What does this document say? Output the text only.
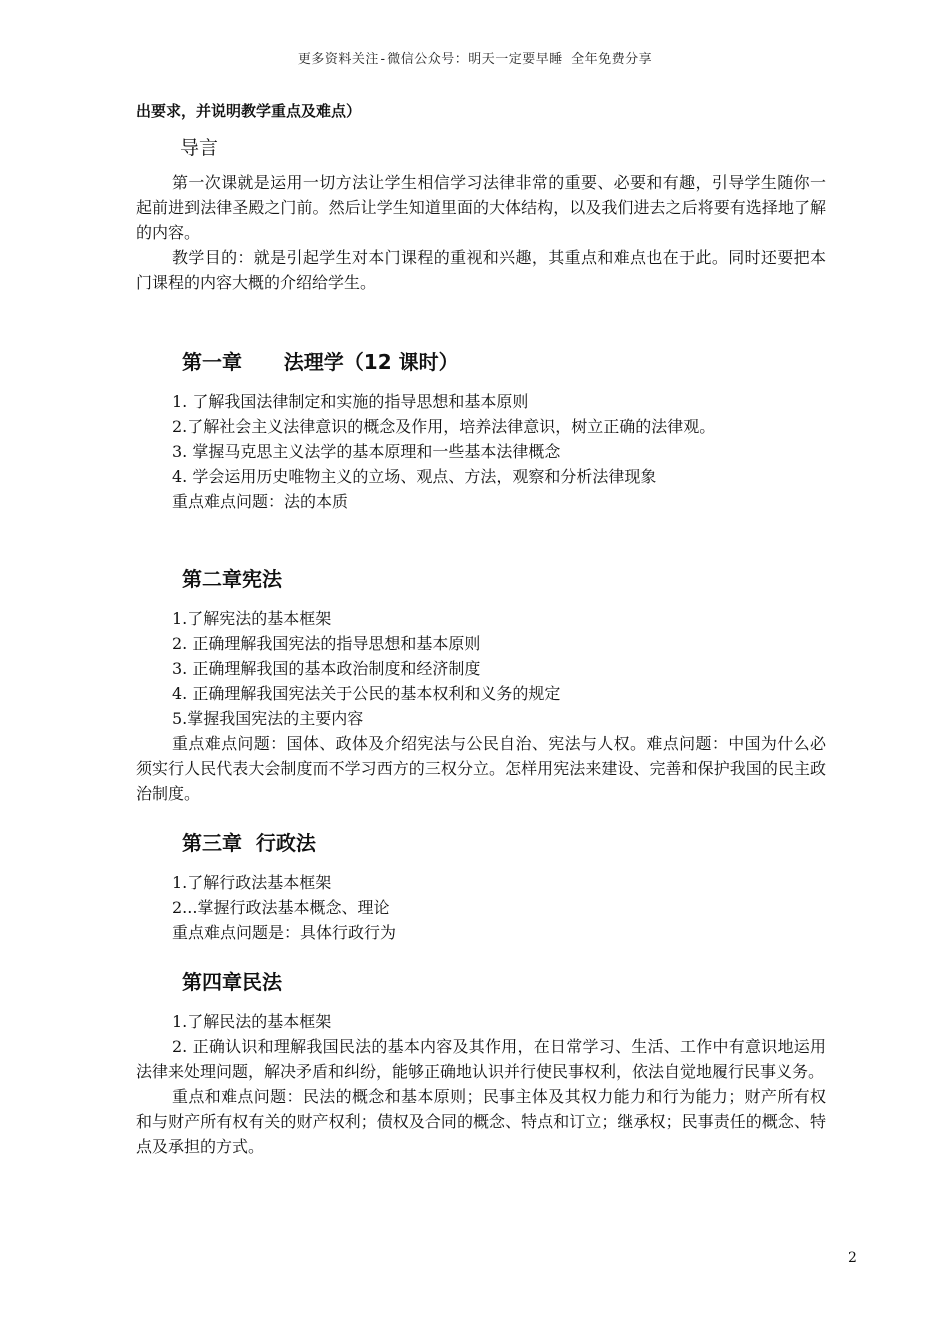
更多资料关注-微信公众号：明天一定要早睡 全年免费分享

出要求，并说明教学重点及难点）

导言

第一次课就是运用一切方法让学生相信学习法律非常的重要、必要和有趣，引导学生随你一起前进到法律圣殿之门前。然后让学生知道里面的大体结构，以及我们进去之后将要有选择地了解的内容。

教学目的：就是引起学生对本门课程的重视和兴趣，其重点和难点也在于此。同时还要把本门课程的内容大概的介绍给学生。

第一章      法理学（12 课时）

1. 了解我国法律制定和实施的指导思想和基本原则

2.了解社会主义法律意识的概念及作用，培养法律意识，树立正确的法律观。

3. 掌握马克思主义法学的基本原理和一些基本法律概念

4. 学会运用历史唯物主义的立场、观点、方法，观察和分析法律现象

重点难点问题：法的本质

第二章宪法

1.了解宪法的基本框架

2. 正确理解我国宪法的指导思想和基本原则

3. 正确理解我国的基本政治制度和经济制度

4. 正确理解我国宪法关于公民的基本权利和义务的规定

5.掌握我国宪法的主要内容

重点难点问题：国体、政体及介绍宪法与公民自治、宪法与人权。难点问题：中国为什么必须实行人民代表大会制度而不学习西方的三权分立。怎样用宪法来建设、完善和保护我国的民主政治制度。

第三章  行政法

1.了解行政法基本框架

2...掌握行政法基本概念、理论

重点难点问题是：具体行政行为

第四章民法

1.了解民法的基本框架

2. 正确认识和理解我国民法的基本内容及其作用，在日常学习、生活、工作中有意识地运用法律来处理问题，解决矛盾和纠纷，能够正确地认识并行使民事权利，依法自觉地履行民事义务。

重点和难点问题：民法的概念和基本原则；民事主体及其权力能力和行为能力；财产所有权和与财产所有权有关的财产权利；债权及合同的概念、特点和订立；继承权；民事责任的概念、特点及承担的方式。

2
